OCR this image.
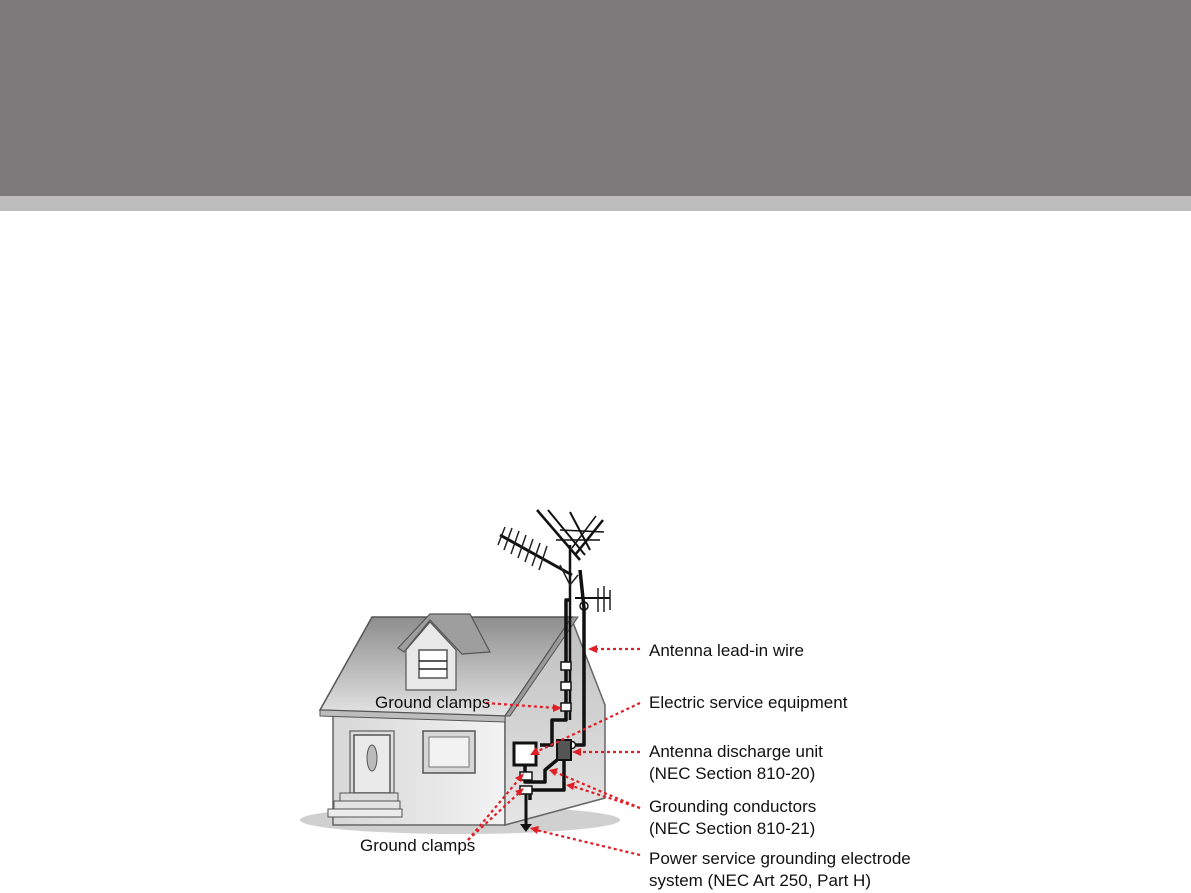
Antenna lead-in wire
Ground clamps	Electric service equipment
Antenna discharge unit
(NEC Section 810-20)
Grounding conductors
(NEC Section 810-21)
Ground clamps
Power service grounding electrode
system (NEC Art 250, Part H)
